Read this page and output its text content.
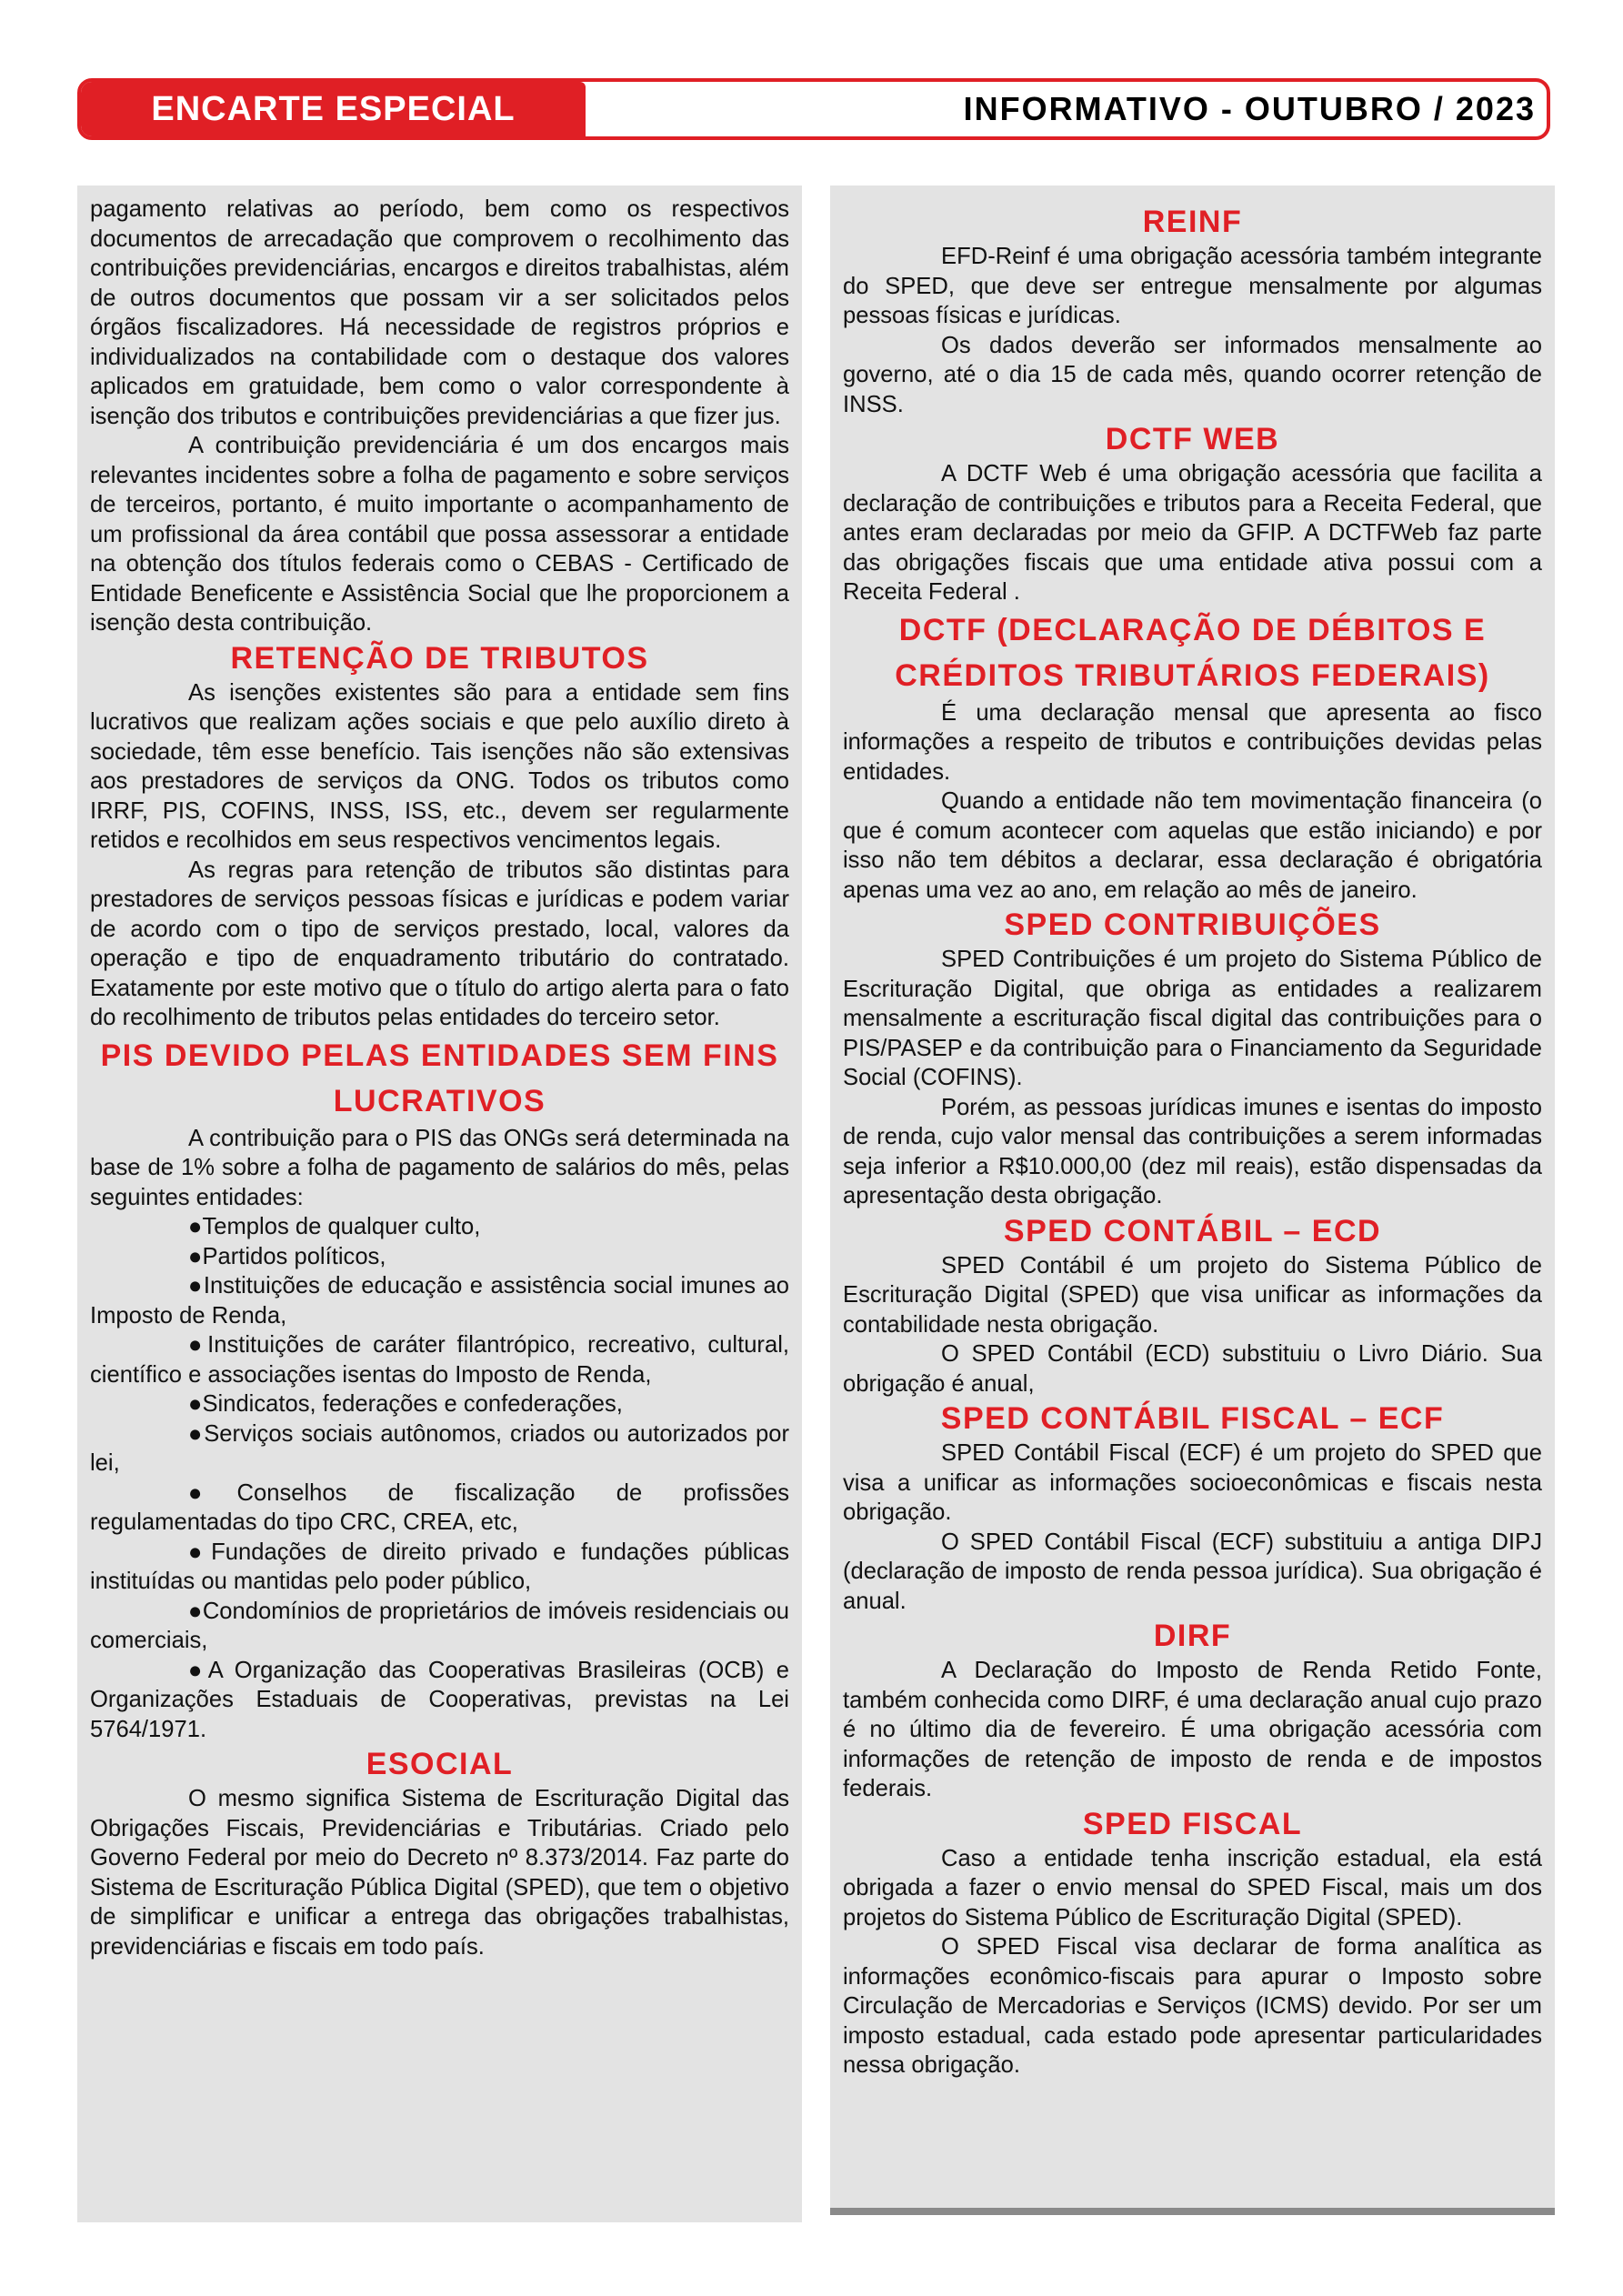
ENCARTE ESPECIAL	INFORMATIVO - OUTUBRO / 2023

pagamento relativas ao período, bem como os respectivos documentos de arrecadação que comprovem o recolhimento das contribuições previdenciárias, encargos e direitos trabalhistas, além de outros documentos que possam vir a ser solicitados pelos órgãos fiscalizadores. Há necessidade de registros próprios e individualizados na contabilidade com o destaque dos valores aplicados em gratuidade, bem como o valor correspondente à isenção dos tributos e contribuições previdenciárias a que fizer jus.

A contribuição previdenciária é um dos encargos mais relevantes incidentes sobre a folha de pagamento e sobre serviços de terceiros, portanto, é muito importante o acompanhamento de um profissional da área contábil que possa assessorar a entidade na obtenção dos títulos federais como o CEBAS - Certificado de Entidade Beneficente e Assistência Social que lhe proporcionem a isenção desta contribuição.

RETENÇÃO DE TRIBUTOS

As isenções existentes são para a entidade sem fins lucrativos que realizam ações sociais e que pelo auxílio direto à sociedade, têm esse benefício. Tais isenções não são extensivas aos prestadores de serviços da ONG. Todos os tributos como IRRF, PIS, COFINS, INSS, ISS, etc., devem ser regularmente retidos e recolhidos em seus respectivos vencimentos legais.

As regras para retenção de tributos são distintas para prestadores de serviços pessoas físicas e jurídicas e podem variar de acordo com o tipo de serviços prestado, local, valores da operação e tipo de enquadramento tributário do contratado. Exatamente por este motivo que o título do artigo alerta para o fato do recolhimento de tributos pelas entidades do terceiro setor.

PIS DEVIDO PELAS ENTIDADES SEM FINS LUCRATIVOS

A contribuição para o PIS das ONGs será determinada na base de 1% sobre a folha de pagamento de salários do mês, pelas seguintes entidades:

●Templos de qualquer culto,

●Partidos políticos,

●Instituições de educação e assistência social imunes ao Imposto de Renda,

●Instituições de caráter filantrópico, recreativo, cultural, científico e associações isentas do Imposto de Renda,

●Sindicatos, federações e confederações,

●Serviços sociais autônomos, criados ou autorizados por lei,

●Conselhos de fiscalização de profissões regulamentadas do tipo CRC, CREA, etc,

●Fundações de direito privado e fundações públicas instituídas ou mantidas pelo poder público,

●Condomínios de proprietários de imóveis residenciais ou comerciais,

●A Organização das Cooperativas Brasileiras (OCB) e Organizações Estaduais de Cooperativas, previstas na Lei 5764/1971.

ESOCIAL

O mesmo significa Sistema de Escrituração Digital das Obrigações Fiscais, Previdenciárias e Tributárias. Criado pelo Governo Federal por meio do Decreto nº 8.373/2014. Faz parte do Sistema de Escrituração Pública Digital (SPED), que tem o objetivo de simplificar e unificar a entrega das obrigações trabalhistas, previdenciárias e fiscais em todo país.

REINF

EFD-Reinf é uma obrigação acessória também integrante do SPED, que deve ser entregue mensalmente por algumas pessoas físicas e jurídicas.

Os dados deverão ser informados mensalmente ao governo, até o dia 15 de cada mês, quando ocorrer retenção de INSS.

DCTF WEB

A DCTF Web é uma obrigação acessória que facilita a declaração de contribuições e tributos para a Receita Federal, que antes eram declaradas por meio da GFIP. A DCTFWeb faz parte das obrigações fiscais que uma entidade ativa possui com a Receita Federal .

DCTF (DECLARAÇÃO DE DÉBITOS E CRÉDITOS TRIBUTÁRIOS FEDERAIS)

É uma declaração mensal que apresenta ao fisco informações a respeito de tributos e contribuições devidas pelas entidades.

Quando a entidade não tem movimentação financeira (o que é comum acontecer com aquelas que estão iniciando) e por isso não tem débitos a declarar, essa declaração é obrigatória apenas uma vez ao ano, em relação ao mês de janeiro.

SPED CONTRIBUIÇÕES

SPED Contribuições é um projeto do Sistema Público de Escrituração Digital, que obriga as entidades a realizarem mensalmente a escrituração fiscal digital das contribuições para o PIS/PASEP e da contribuição para o Financiamento da Seguridade Social (COFINS).

Porém, as pessoas jurídicas imunes e isentas do imposto de renda, cujo valor mensal das contribuições a serem informadas seja inferior a R$10.000,00 (dez mil reais), estão dispensadas da apresentação desta obrigação.

SPED CONTÁBIL – ECD

SPED Contábil é um projeto do Sistema Público de Escrituração Digital (SPED) que visa unificar as informações da contabilidade nesta obrigação.

O SPED Contábil (ECD) substituiu o Livro Diário. Sua obrigação é anual,

SPED CONTÁBIL FISCAL – ECF

SPED Contábil Fiscal (ECF) é um projeto do SPED que visa a unificar as informações socioeconômicas e fiscais nesta obrigação.

O SPED Contábil Fiscal (ECF) substituiu a antiga DIPJ (declaração de imposto de renda pessoa jurídica). Sua obrigação é anual.

DIRF

A Declaração do Imposto de Renda Retido Fonte, também conhecida como DIRF, é uma declaração anual cujo prazo é no último dia de fevereiro. É uma obrigação acessória com informações de retenção de imposto de renda e de impostos federais.

SPED FISCAL

Caso a entidade tenha inscrição estadual, ela está obrigada a fazer o envio mensal do SPED Fiscal, mais um dos projetos do Sistema Público de Escrituração Digital (SPED).

O SPED Fiscal visa declarar de forma analítica as informações econômico-fiscais para apurar o Imposto sobre Circulação de Mercadorias e Serviços (ICMS) devido. Por ser um imposto estadual, cada estado pode apresentar particularidades nessa obrigação.
